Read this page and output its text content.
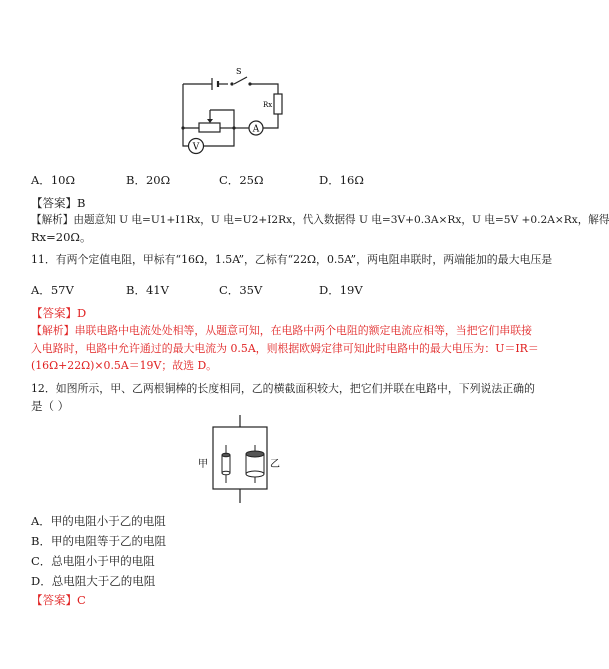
A
V
S
Rx
A．10Ω	B．20Ω	C．25Ω	D．16Ω
【答案】B
【解析】由题意知 U 电=U1+I1Rx，U 电=U2+I2Rx，代入数据得 U 电=3V+0.3A×Rx，U 电=5V +0.2A×Rx，解得
Rx=20Ω。
11．有两个定值电阻，甲标有“16Ω，1.5A”，乙标有“22Ω，0.5A”，两电阻串联时，两端能加的最大电压是
A．57V	B．41V	C．35V	D．19V
【答案】D
【解析】串联电路中电流处处相等，从题意可知，在电路中两个电阻的额定电流应相等，当把它们串联接
入电路时，电路中允许通过的最大电流为 0.5A，则根据欧姆定律可知此时电路中的最大电压为：U＝IR＝
(16Ω+22Ω)×0.5A＝19V；故选 D。
12．如图所示，甲、乙两根铜棒的长度相同，乙的横截面积较大，把它们并联在电路中，下列说法正确的
是（ ）
甲	乙
A．甲的电阻小于乙的电阻
B．甲的电阻等于乙的电阻
C．总电阻小于甲的电阻
D．总电阻大于乙的电阻
【答案】C
